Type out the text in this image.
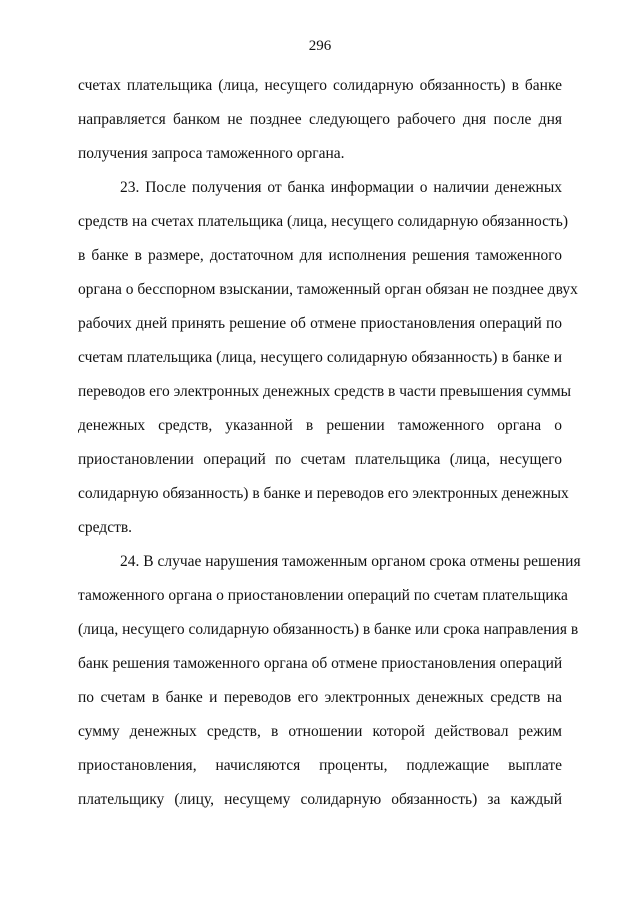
296
счетах плательщика (лица, несущего солидарную обязанность) в банке
направляется банком не позднее следующего рабочего дня после дня
получения запроса таможенного органа.
23. После получения от банка информации о наличии денежных
средств на счетах плательщика (лица, несущего солидарную обязанность)
в банке в размере, достаточном для исполнения решения таможенного
органа о бесспорном взыскании, таможенный орган обязан не позднее двух
рабочих дней принять решение об отмене приостановления операций по
счетам плательщика (лица, несущего солидарную обязанность) в банке и
переводов его электронных денежных средств в части превышения суммы
денежных средств, указанной в решении таможенного органа о
приостановлении операций по счетам плательщика (лица, несущего
солидарную обязанность) в банке и переводов его электронных денежных
средств.
24. В случае нарушения таможенным органом срока отмены решения
таможенного органа о приостановлении операций по счетам плательщика
(лица, несущего солидарную обязанность) в банке или срока направления в
банк решения таможенного органа об отмене приостановления операций
по счетам в банке и переводов его электронных денежных средств на
сумму денежных средств, в отношении которой действовал режим
приостановления, начисляются проценты, подлежащие выплате
плательщику (лицу, несущему солидарную обязанность) за каждый
